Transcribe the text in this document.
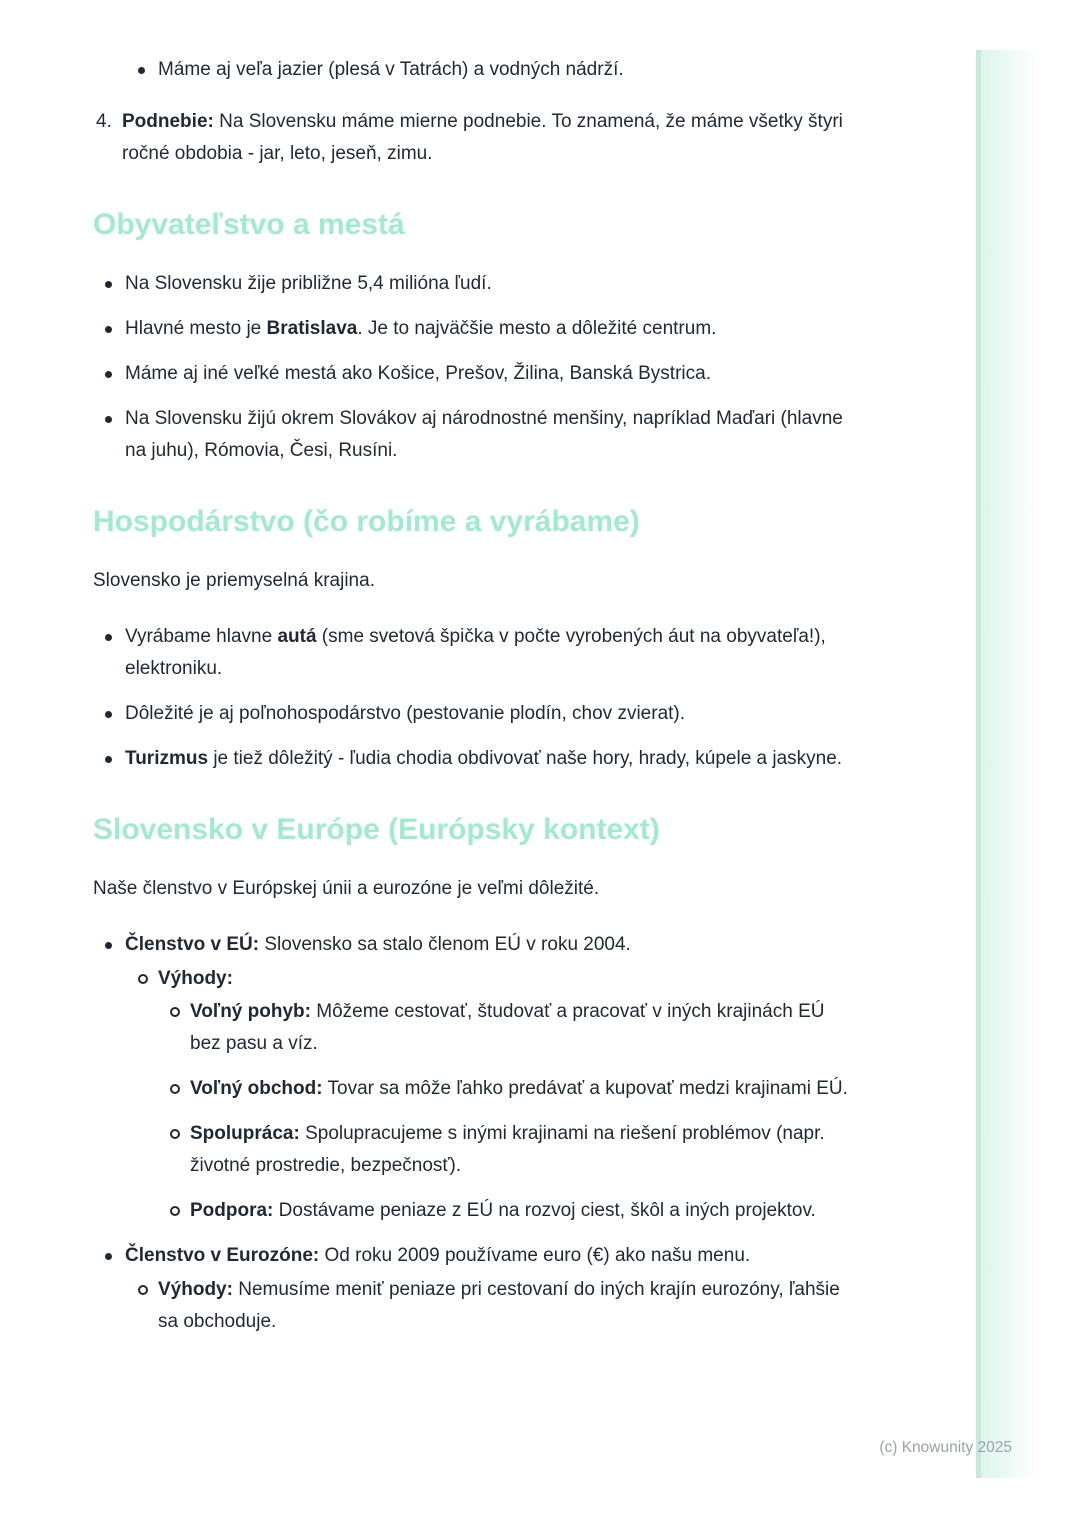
Máme aj veľa jazier (plesá v Tatrách) a vodných nádrží.
4. Podnebie: Na Slovensku máme mierne podnebie. To znamená, že máme všetky štyri ročné obdobia - jar, leto, jeseň, zimu.
Obyvateľstvo a mestá
Na Slovensku žije približne 5,4 milióna ľudí.
Hlavné mesto je Bratislava. Je to najväčšie mesto a dôležité centrum.
Máme aj iné veľké mestá ako Košice, Prešov, Žilina, Banská Bystrica.
Na Slovensku žijú okrem Slovákov aj národnostné menšiny, napríklad Maďari (hlavne na juhu), Rómovia, Česi, Rusíni.
Hospodárstvo (čo robíme a vyrábame)

Slovensko je priemyselná krajina.

Vyrábame hlavne autá (sme svetová špička v počte vyrobených áut na obyvateľa!), elektroniku.
Dôležité je aj poľnohospodárstvo (pestovanie plodín, chov zvierat).
Turizmus je tiež dôležitý - ľudia chodia obdivovať naše hory, hrady, kúpele a jaskyne.
Slovensko v Európe (Európsky kontext)

Naše členstvo v Európskej únii a eurozóne je veľmi dôležité.

Členstvo v EÚ: Slovensko sa stalo členom EÚ v roku 2004.
Výhody:
Voľný pohyb: Môžeme cestovať, študovať a pracovať v iných krajinách EÚ bez pasu a víz.
Voľný obchod: Tovar sa môže ľahko predávať a kupovať medzi krajinami EÚ.
Spolupráca: Spolupracujeme s inými krajinami na riešení problémov (napr. životné prostredie, bezpečnosť).
Podpora: Dostávame peniaze z EÚ na rozvoj ciest, škôl a iných projektov.
Členstvo v Eurozóne: Od roku 2009 používame euro (€) ako našu menu.
Výhody: Nemusíme meniť peniaze pri cestovaní do iných krajín eurozóny, ľahšie sa obchoduje.
(c) Knowunity 2025
